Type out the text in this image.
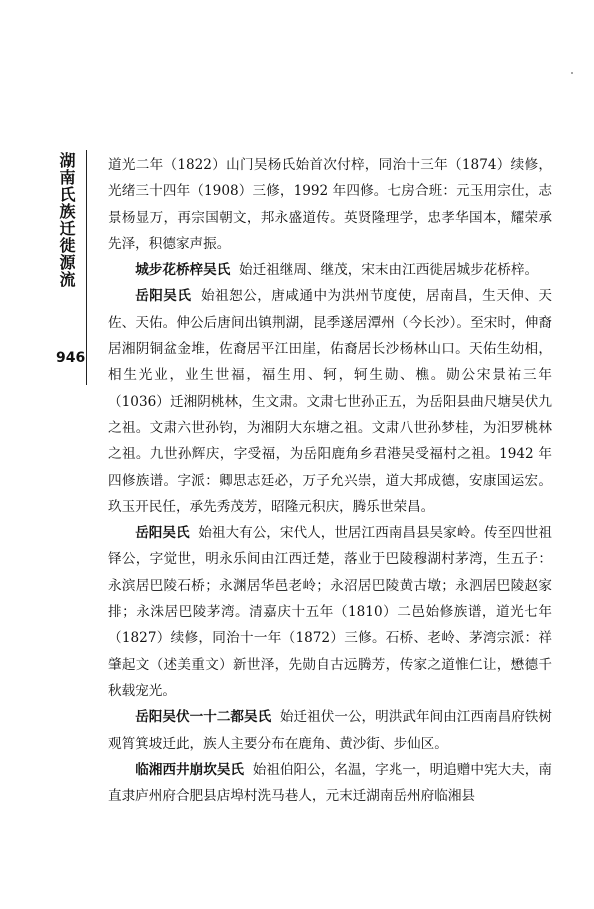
湖南氏族迁徙源流
946

道光二年（1822）山门吴杨氏始首次付梓，同治十三年（1874）续修，光绪三十四年（1908）三修，1992 年四修。七房合班：元玉用宗仕，志景杨显万，再宗国朝文，邦永盛道传。英贤隆理学，忠孝华国本，耀荣承先泽，积德家声振。

城步花桥梓吴氏 始迁祖继周、继茂，宋末由江西徙居城步花桥梓。

岳阳吴氏 始祖恕公，唐咸通中为洪州节度使，居南昌，生天伸、天佐、天佑。伸公后唐间出镇荆湖，昆季遂居潭州（今长沙）。至宋时，伸裔居湘阴铜盆金堆，佐裔居平江田崖，佑裔居长沙杨林山口。天佑生幼相，相生光业，业生世福，福生用、轲，轲生勋、樵。勋公宋景祐三年（1036）迁湘阴桃林，生文肃。文肃七世孙正五，为岳阳县曲尺塘吴伏九之祖。文肃六世孙钧，为湘阴大东塘之祖。文肃八世孙梦桂，为汨罗桃林之祖。九世孙辉庆，字受福，为岳阳鹿角乡君港吴受福村之祖。1942 年四修族谱。字派：卿思志廷必，万子允兴崇，道大邦成德，安康国运宏。玖玉开民任，承先秀茂芳，昭隆元积庆，腾乐世荣昌。

岳阳吴氏 始祖大有公，宋代人，世居江西南昌县吴家岭。传至四世祖铎公，字觉世，明永乐间由江西迁楚，落业于巴陵穆湖村茅湾，生五子：永滨居巴陵石桥；永渊居华邑老岭；永沼居巴陵黄古墩；永泗居巴陵赵家排；永洙居巴陵茅湾。清嘉庆十五年（1810）二邑始修族谱，道光七年（1827）续修，同治十一年（1872）三修。石桥、老岭、茅湾宗派：祥肇起文（述美重文）新世泽，先勋自古远腾芳，传家之道惟仁让，懋德千秋载宠光。

岳阳吴伏一十二都吴氏 始迁祖伏一公，明洪武年间由江西南昌府铁树观筲箕坡迁此，族人主要分布在鹿角、黄沙街、步仙区。

临湘西井崩坎吴氏 始祖伯阳公，名温，字兆一，明追赠中宪大夫，南直隶庐州府合肥县店埠村洗马巷人，元末迁湖南岳州府临湘县
